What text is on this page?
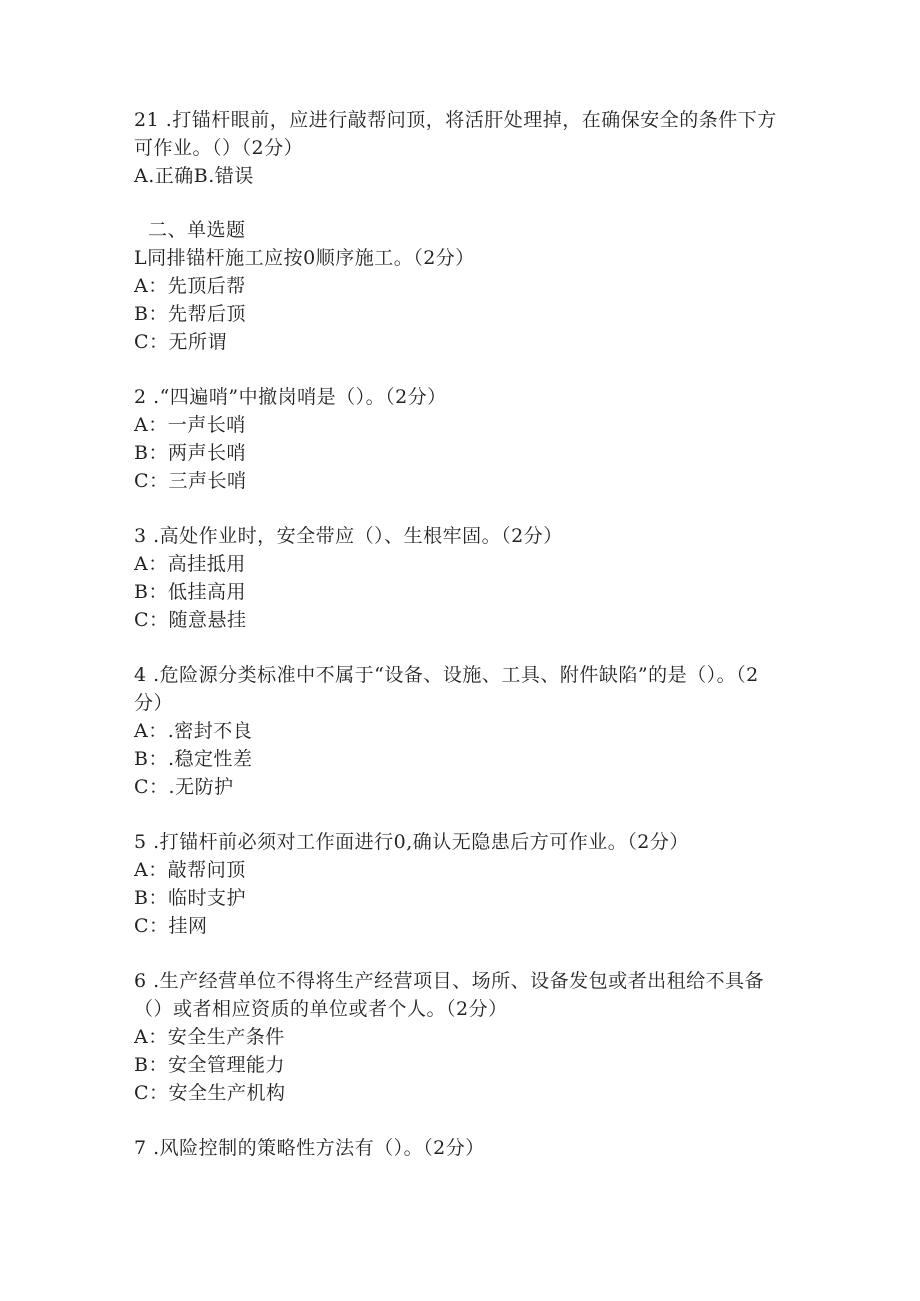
21 .打锚杆眼前，应进行敲帮问顶，将活肝处理掉，在确保安全的条件下方可作业。（）（2分）
A.正确B.错误
二、单选题
L同排锚杆施工应按0顺序施工。（2分）
A：先顶后帮
B：先帮后顶
C：无所谓
2 .“四遍哨”中撤岗哨是（）。（2分）
A：一声长哨
B：两声长哨
C：三声长哨
3 .高处作业时，安全带应（）、生根牢固。（2分）
A：高挂抵用
B：低挂高用
C：随意悬挂
4 .危险源分类标准中不属于“设备、设施、工具、附件缺陷”的是（）。（2分）
A：.密封不良
B：.稳定性差
C：.无防护
5 .打锚杆前必须对工作面进行0,确认无隐患后方可作业。（2分）
A：敲帮问顶
B：临时支护
C：挂网
6 .生产经营单位不得将生产经营项目、场所、设备发包或者出租给不具备（）或者相应资质的单位或者个人。（2分）
A：安全生产条件
B：安全管理能力
C：安全生产机构
7 .风险控制的策略性方法有（）。（2分）
